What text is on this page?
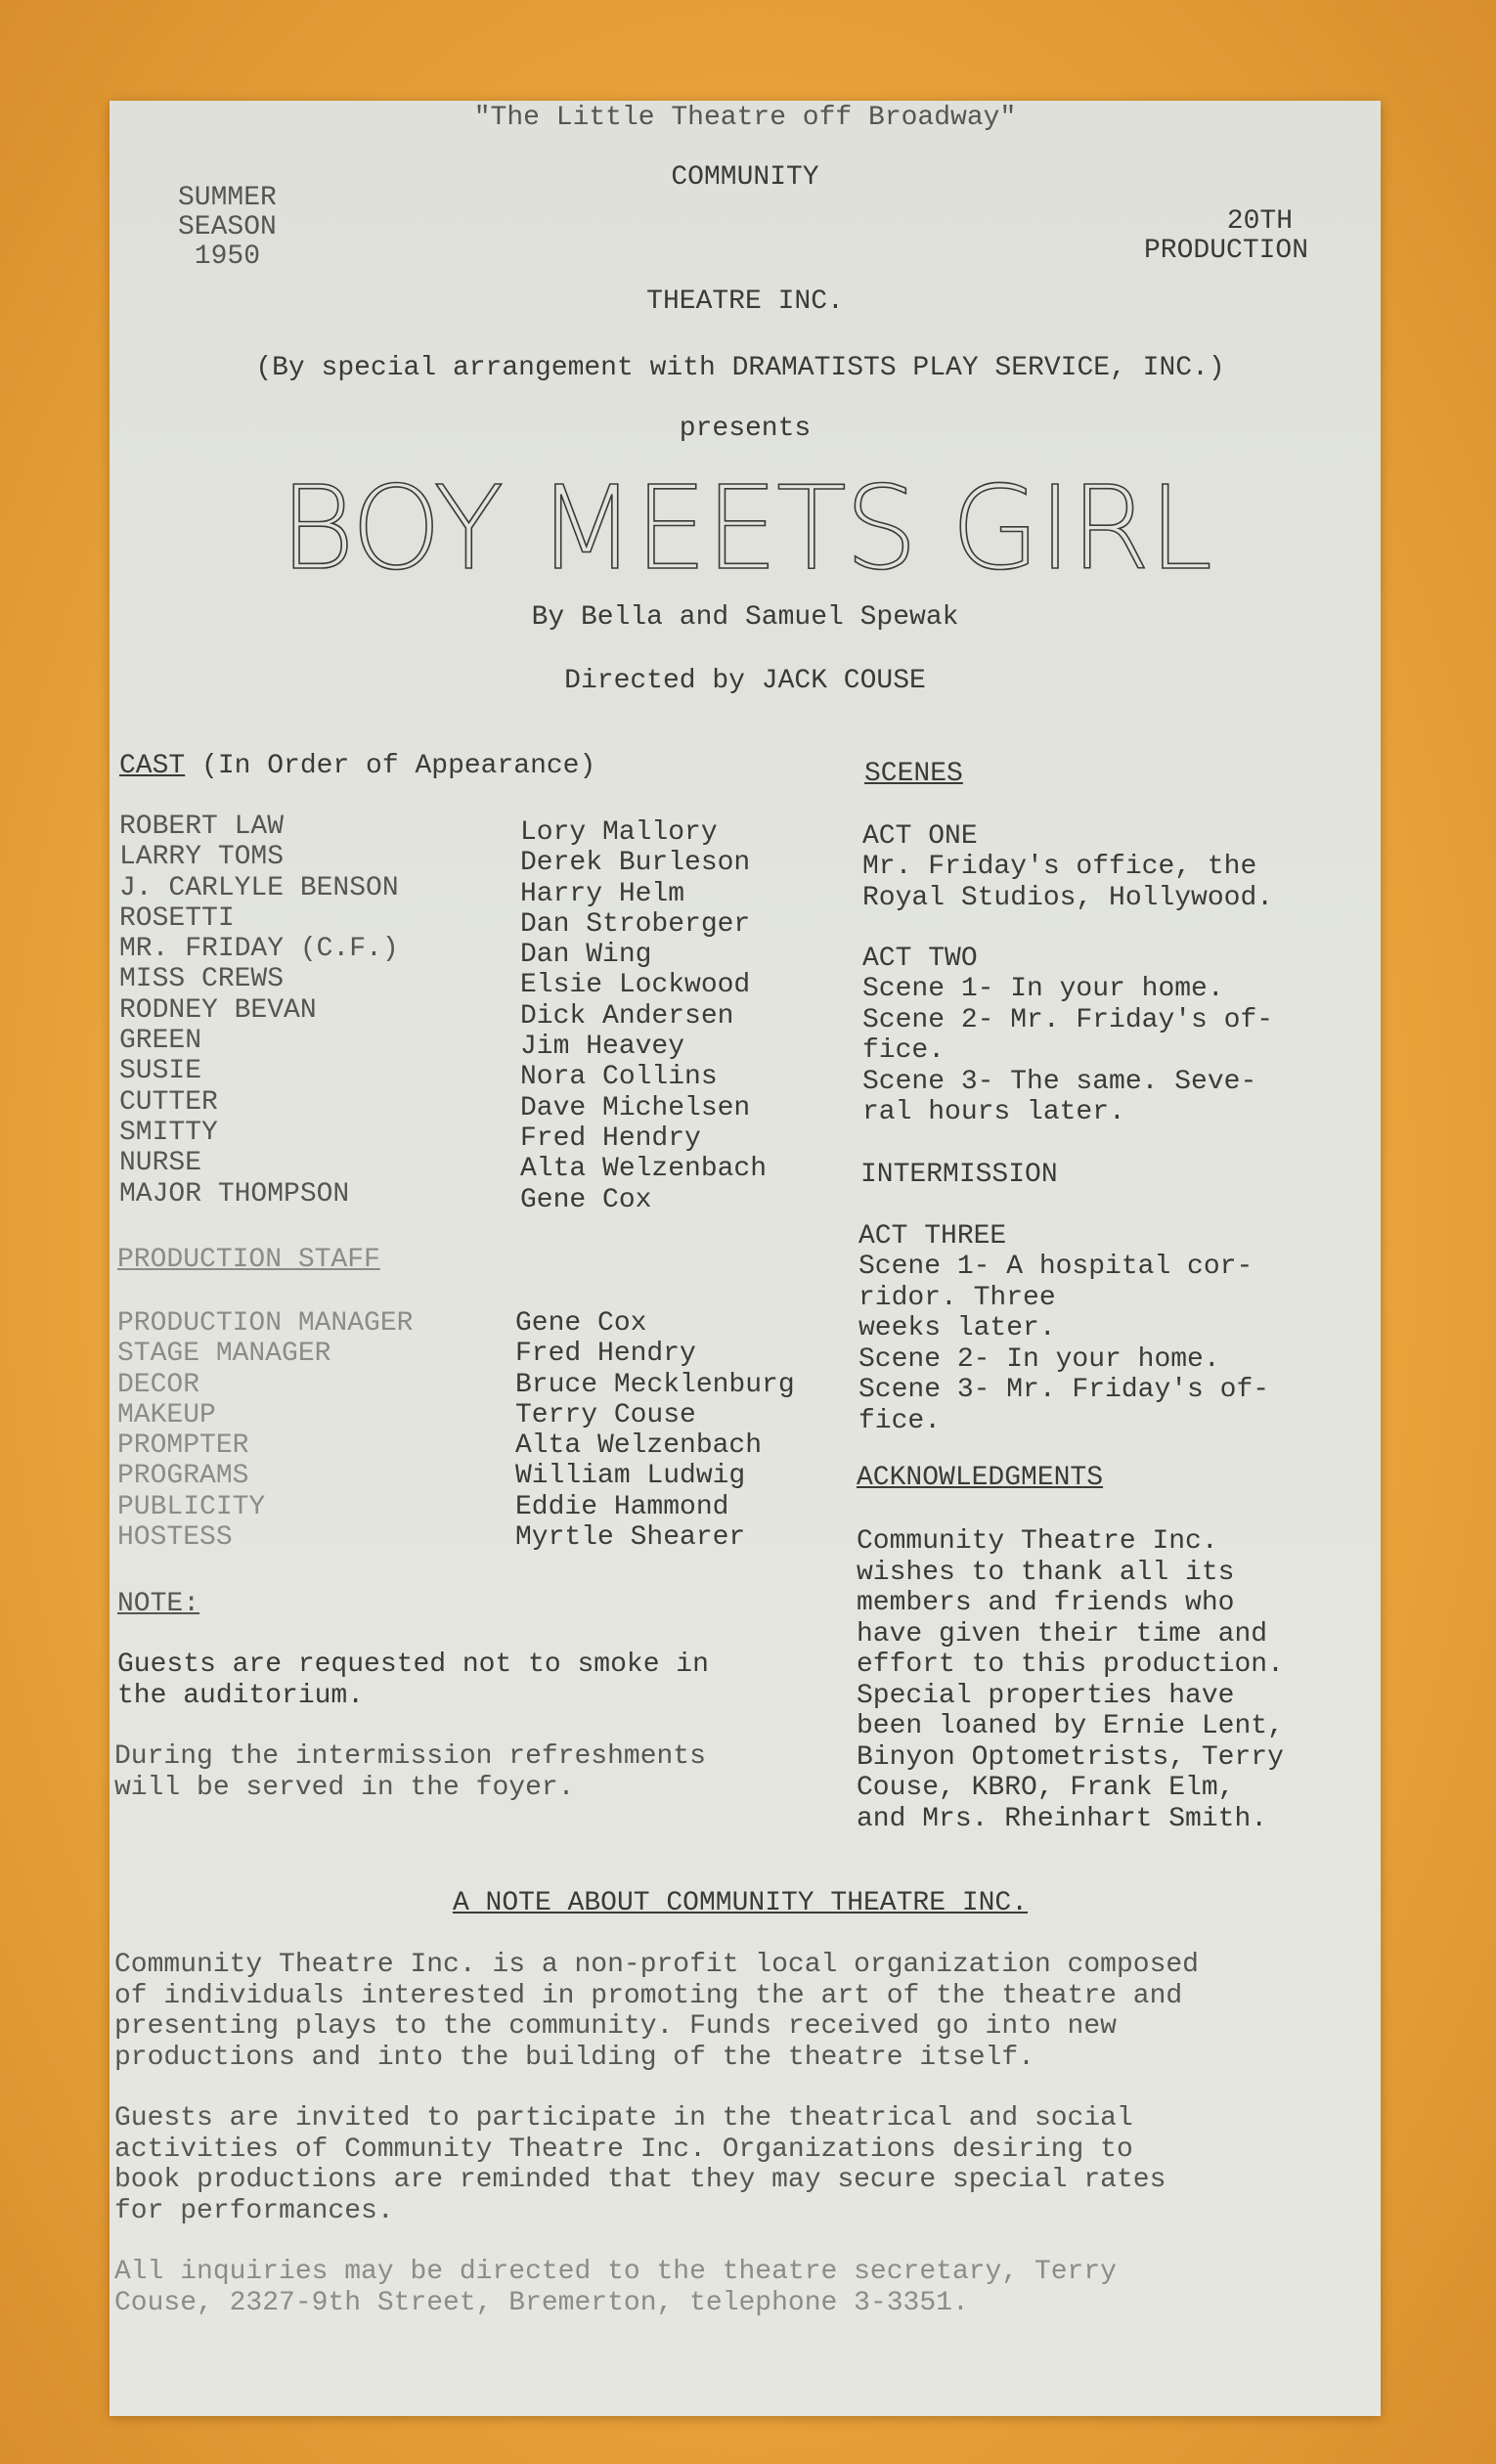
"The Little Theatre off Broadway"
COMMUNITY
SUMMER
SEASON
1950
20TH
PRODUCTION
THEATRE INC.
(By special arrangement with DRAMATISTS PLAY SERVICE, INC.)
presents
BOY MEETS GIRL
By Bella and Samuel Spewak
Directed by JACK COUSE
CAST (In Order of Appearance)
ROBERT LAW
LARRY TOMS
J. CARLYLE BENSON
ROSETTI
MR. FRIDAY (C.F.)
MISS CREWS
RODNEY BEVAN
GREEN
SUSIE
CUTTER
SMITTY
NURSE
MAJOR THOMPSON
Lory Mallory
Derek Burleson
Harry Helm
Dan Stroberger
Dan Wing
Elsie Lockwood
Dick Andersen
Jim Heavey
Nora Collins
Dave Michelsen
Fred Hendry
Alta Welzenbach
Gene Cox
PRODUCTION STAFF
PRODUCTION MANAGER
STAGE MANAGER
DECOR
MAKEUP
PROMPTER
PROGRAMS
PUBLICITY
HOSTESS
Gene Cox
Fred Hendry
Bruce Mecklenburg
Terry Couse
Alta Welzenbach
William Ludwig
Eddie Hammond
Myrtle Shearer
NOTE:
Guests are requested not to smoke in
the auditorium.
During the intermission refreshments
will be served in the foyer.
SCENES
ACT ONE
Mr. Friday's office, the
Royal Studios, Hollywood.
ACT TWO
Scene 1- In your home.
Scene 2- Mr. Friday's of-
fice.
Scene 3- The same. Seve-
ral hours later.
INTERMISSION
ACT THREE
Scene 1- A hospital cor-
ridor. Three
weeks later.
Scene 2- In your home.
Scene 3- Mr. Friday's of-
fice.
ACKNOWLEDGMENTS
Community Theatre Inc.
wishes to thank all its
members and friends who
have given their time and
effort to this production.
Special properties have
been loaned by Ernie Lent,
Binyon Optometrists, Terry
Couse, KBRO, Frank Elm,
and Mrs. Rheinhart Smith.
A NOTE ABOUT COMMUNITY THEATRE INC.
Community Theatre Inc. is a non-profit local organization composed
of individuals interested in promoting the art of the theatre and
presenting plays to the community. Funds received go into new
productions and into the building of the theatre itself.
Guests are invited to participate in the theatrical and social
activities of Community Theatre Inc. Organizations desiring to
book productions are reminded that they may secure special rates
for performances.
All inquiries may be directed to the theatre secretary, Terry
Couse, 2327-9th Street, Bremerton, telephone 3-3351.
